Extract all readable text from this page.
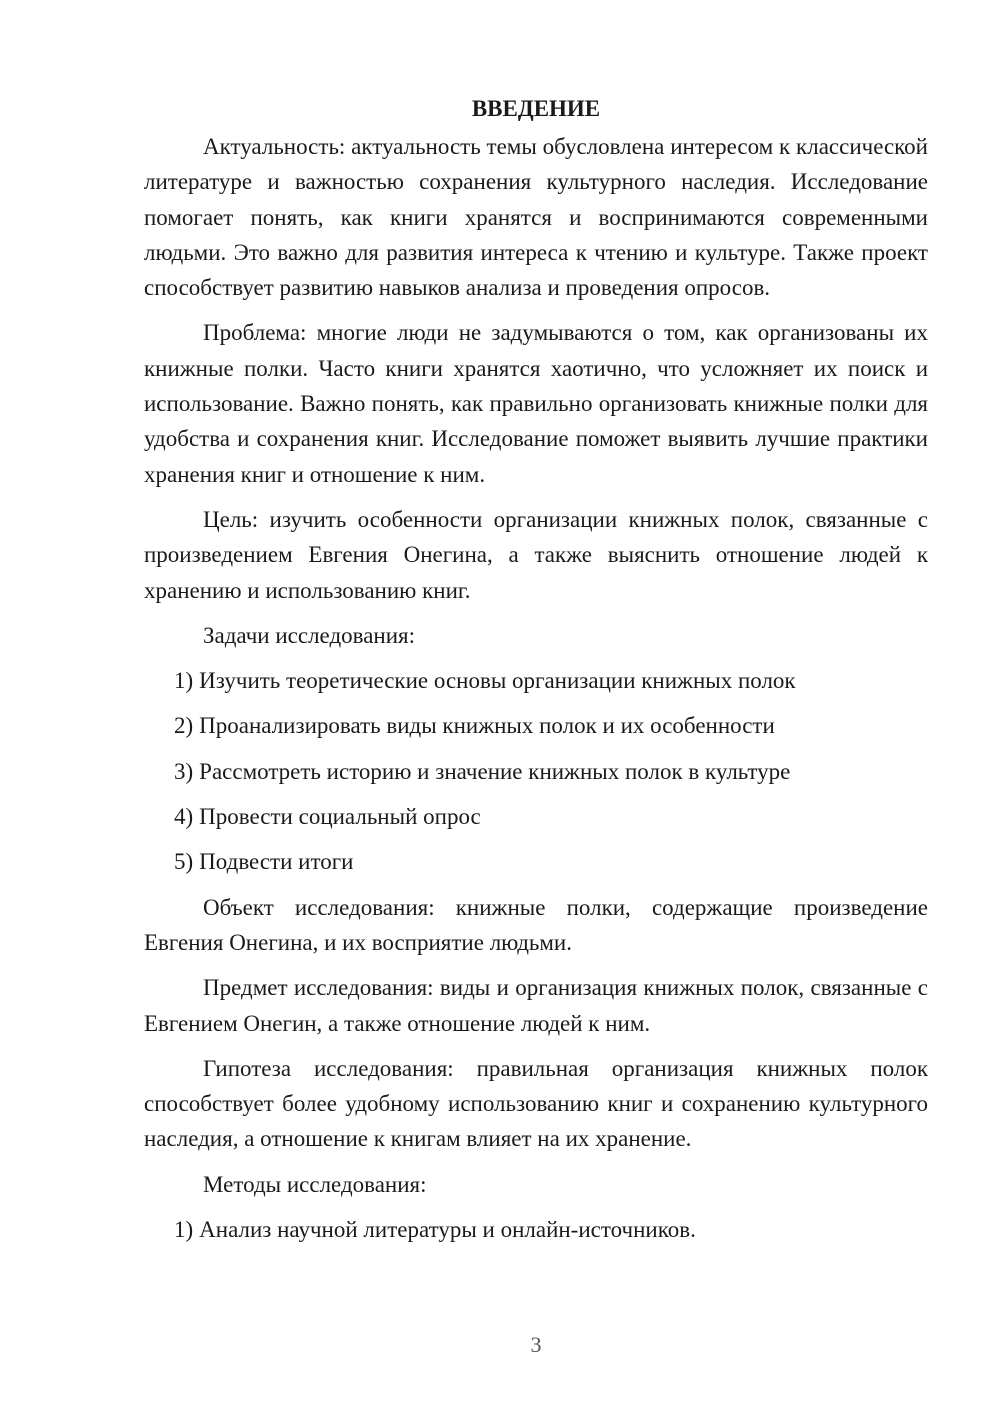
ВВЕДЕНИЕ

Актуальность: актуальность темы обусловлена интересом к классической литературе и важностью сохранения культурного наследия. Исследование помогает понять, как книги хранятся и воспринимаются современными людьми. Это важно для развития интереса к чтению и культуре. Также проект способствует развитию навыков анализа и проведения опросов.

Проблема: многие люди не задумываются о том, как организованы их книжные полки. Часто книги хранятся хаотично, что усложняет их поиск и использование. Важно понять, как правильно организовать книжные полки для удобства и сохранения книг. Исследование поможет выявить лучшие практики хранения книг и отношение к ним.

Цель: изучить особенности организации книжных полок, связанные с произведением Евгения Онегина, а также выяснить отношение людей к хранению и использованию книг.

Задачи исследования:

1) Изучить теоретические основы организации книжных полок
2) Проанализировать виды книжных полок и их особенности
3) Рассмотреть историю и значение книжных полок в культуре
4) Провести социальный опрос
5) Подвести итоги

Объект исследования: книжные полки, содержащие произведение Евгения Онегина, и их восприятие людьми.

Предмет исследования: виды и организация книжных полок, связанные с Евгением Онегин, а также отношение людей к ним.

Гипотеза исследования: правильная организация книжных полок способствует более удобному использованию книг и сохранению культурного наследия, а отношение к книгам влияет на их хранение.

Методы исследования:

1) Анализ научной литературы и онлайн-источников.
3
